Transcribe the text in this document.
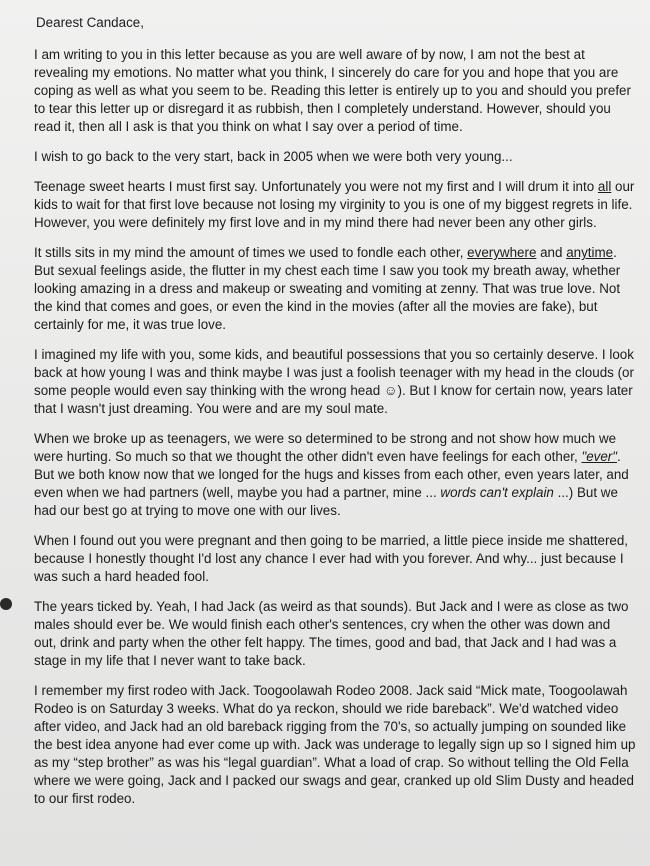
Dearest Candace,

I am writing to you in this letter because as you are well aware of by now, I am not the best at revealing my emotions. No matter what you think, I sincerely do care for you and hope that you are coping as well as what you seem to be. Reading this letter is entirely up to you and should you prefer to tear this letter up or disregard it as rubbish, then I completely understand. However, should you read it, then all I ask is that you think on what I say over a period of time.

I wish to go back to the very start, back in 2005 when we were both very young...

Teenage sweet hearts I must first say. Unfortunately you were not my first and I will drum it into all our kids to wait for that first love because not losing my virginity to you is one of my biggest regrets in life. However, you were definitely my first love and in my mind there had never been any other girls.

It stills sits in my mind the amount of times we used to fondle each other, everywhere and anytime. But sexual feelings aside, the flutter in my chest each time I saw you took my breath away, whether looking amazing in a dress and makeup or sweating and vomiting at zenny. That was true love. Not the kind that comes and goes, or even the kind in the movies (after all the movies are fake), but certainly for me, it was true love.

I imagined my life with you, some kids, and beautiful possessions that you so certainly deserve. I look back at how young I was and think maybe I was just a foolish teenager with my head in the clouds (or some people would even say thinking with the wrong head ☺). But I know for certain now, years later that I wasn't just dreaming. You were and are my soul mate.

When we broke up as teenagers, we were so determined to be strong and not show how much we were hurting. So much so that we thought the other didn't even have feelings for each other, "ever". But we both know now that we longed for the hugs and kisses from each other, even years later, and even when we had partners (well, maybe you had a partner, mine ... words can't explain ...) But we had our best go at trying to move one with our lives.

When I found out you were pregnant and then going to be married, a little piece inside me shattered, because I honestly thought I'd lost any chance I ever had with you forever. And why... just because I was such a hard headed fool.

The years ticked by. Yeah, I had Jack (as weird as that sounds). But Jack and I were as close as two males should ever be. We would finish each other's sentences, cry when the other was down and out, drink and party when the other felt happy. The times, good and bad, that Jack and I had was a stage in my life that I never want to take back.

I remember my first rodeo with Jack. Toogoolawah Rodeo 2008. Jack said “Mick mate, Toogoolawah Rodeo is on Saturday 3 weeks. What do ya reckon, should we ride bareback”. We'd watched video after video, and Jack had an old bareback rigging from the 70's, so actually jumping on sounded like the best idea anyone had ever come up with. Jack was underage to legally sign up so I signed him up as my “step brother” as was his “legal guardian”. What a load of crap. So without telling the Old Fella where we were going, Jack and I packed our swags and gear, cranked up old Slim Dusty and headed to our first rodeo.
